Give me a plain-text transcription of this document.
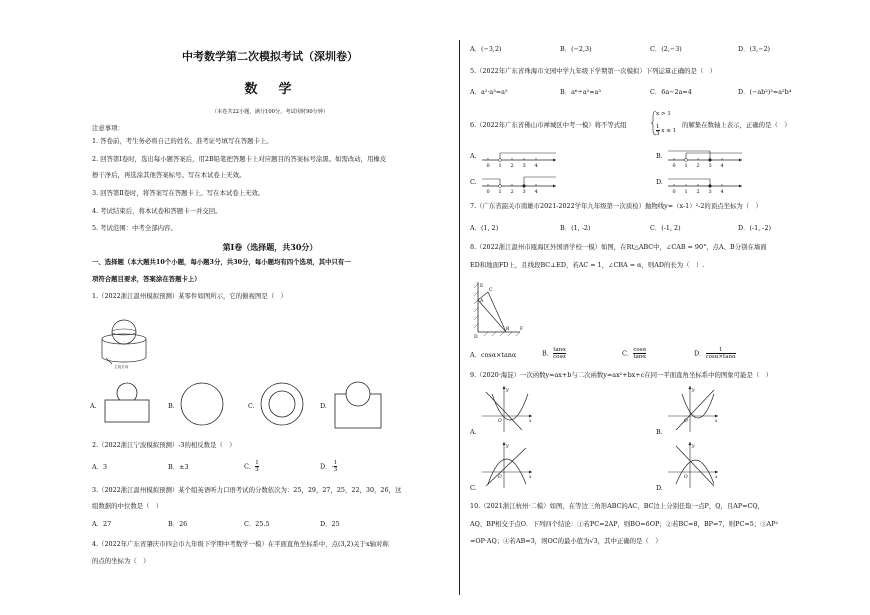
中考数学第二次模拟考试（深圳卷）
数　学
（本卷共22小题，满分100分，考试用时90分钟）
注意事项：
1. 答卷前，考生务必将自己的姓名、准考证号填写在答题卡上。
2. 回答第Ⅰ卷时，选出每小题答案后，用2B铅笔把答题卡上对应题目的答案标号涂黑。如需改动，用橡皮
擦干净后，再选涂其他答案标号。写在本试卷上无效。
3. 回答第Ⅱ卷时，将答案写在答题卡上。写在本试卷上无效。
4. 考试结束后，将本试卷和答题卡一并交回。
5. 考试范围：中考全部内容。
第Ⅰ卷（选择题，共30分）
一、选择题（本大题共10个小题，每小题3分，共30分，每小题均有四个选项，其中只有一
项符合题目要求，答案涂在答题卡上）
1.（2022浙江温州模拟预测）某零件如图所示，它的俯视图是（　）
主视方向
A.	B.	C.	D.
2.（2022浙江宁波模拟预测）-3的相反数是（　）
A．3	B．±3	C． $\frac{1}{3}$	D．- $\frac{1}{3}$
3.（2022浙江温州模拟预测）某个组英语听力口语考试的分数依次为：25，29，27，25，22，30，26，这
组数据的中位数是（　）
A．27	B．26	C．25.5	D．25
4.（2022年广东省肇庆市四会市九年级下学期中考数学一模）在平面直角坐标系中，点(3,2)关于x轴对称
的点的坐标为（　）
A．(−3,2)	B．(−2,3)	C．(2,−3)	D．(3,−2)
5.（2022年广东省珠海市文园中学九年级下学期第一次模拟）下列运算正确的是（　）
A．a²·a³=a⁵	B．a⁶÷a²=a³	C．6a−2a=4	D．(−ab²)²=a²b⁴
6.（2022年广东省佛山市禅城区中考一模）将不等式组
x > 1
$\frac{1}{3}$ x ≤ 1
的解集在数轴上表示，正确的是（　）
A.	B.
C.	D.
0 1 2 3 4	0 1 2 3 4
0 1 2 3 4	0 1 2 3 4
7.（广东省韶关市南雄市2021-2022学年九年级第一次质检）抛物线y=（x-1）²-2的顶点坐标为（　）
A．(1, 2)	B．(1, -2)	C．(-1, 2)	D．(-1, -2)
8.（2022浙江温州市瓯海区外国语学校一模）如图，在Rt△ABC中，∠CAB = 90°，点A、B分别在墙面
ED和地面FD上，且线段BC⊥ED，若AC = 1，∠CBA = α，则AD的长为（　）.
E
C
A
D
B F
A．cosα×tanα	B． $\frac{\tan\alpha}{\cos\alpha}$	C． $\frac{\cos\alpha}{\tan\alpha}$	D． $\frac{1}{\cos\alpha\times\tan\alpha}$
9.（2020·海淀）一次函数y=ax+b与二次函数y=ax²+bx+c在同一平面直角坐标系中的图象可能是（　）
A.	B.
C.	D.
x
y
O	x
y
O
x
y
O	x
y
O
10.（2021浙江杭州·二模）如图，在等边三角形ABC的AC，BC边上分别任取一点P，Q，且AP=CQ，
AQ、BP相交于点O．下列四个结论：①若PC=2AP，则BO=6OP；②若BC=8，BP=7，则PC=5；③AP²
=OP·AQ；④若AB=3，则OC的最小值为√3，其中正确的是（　）
